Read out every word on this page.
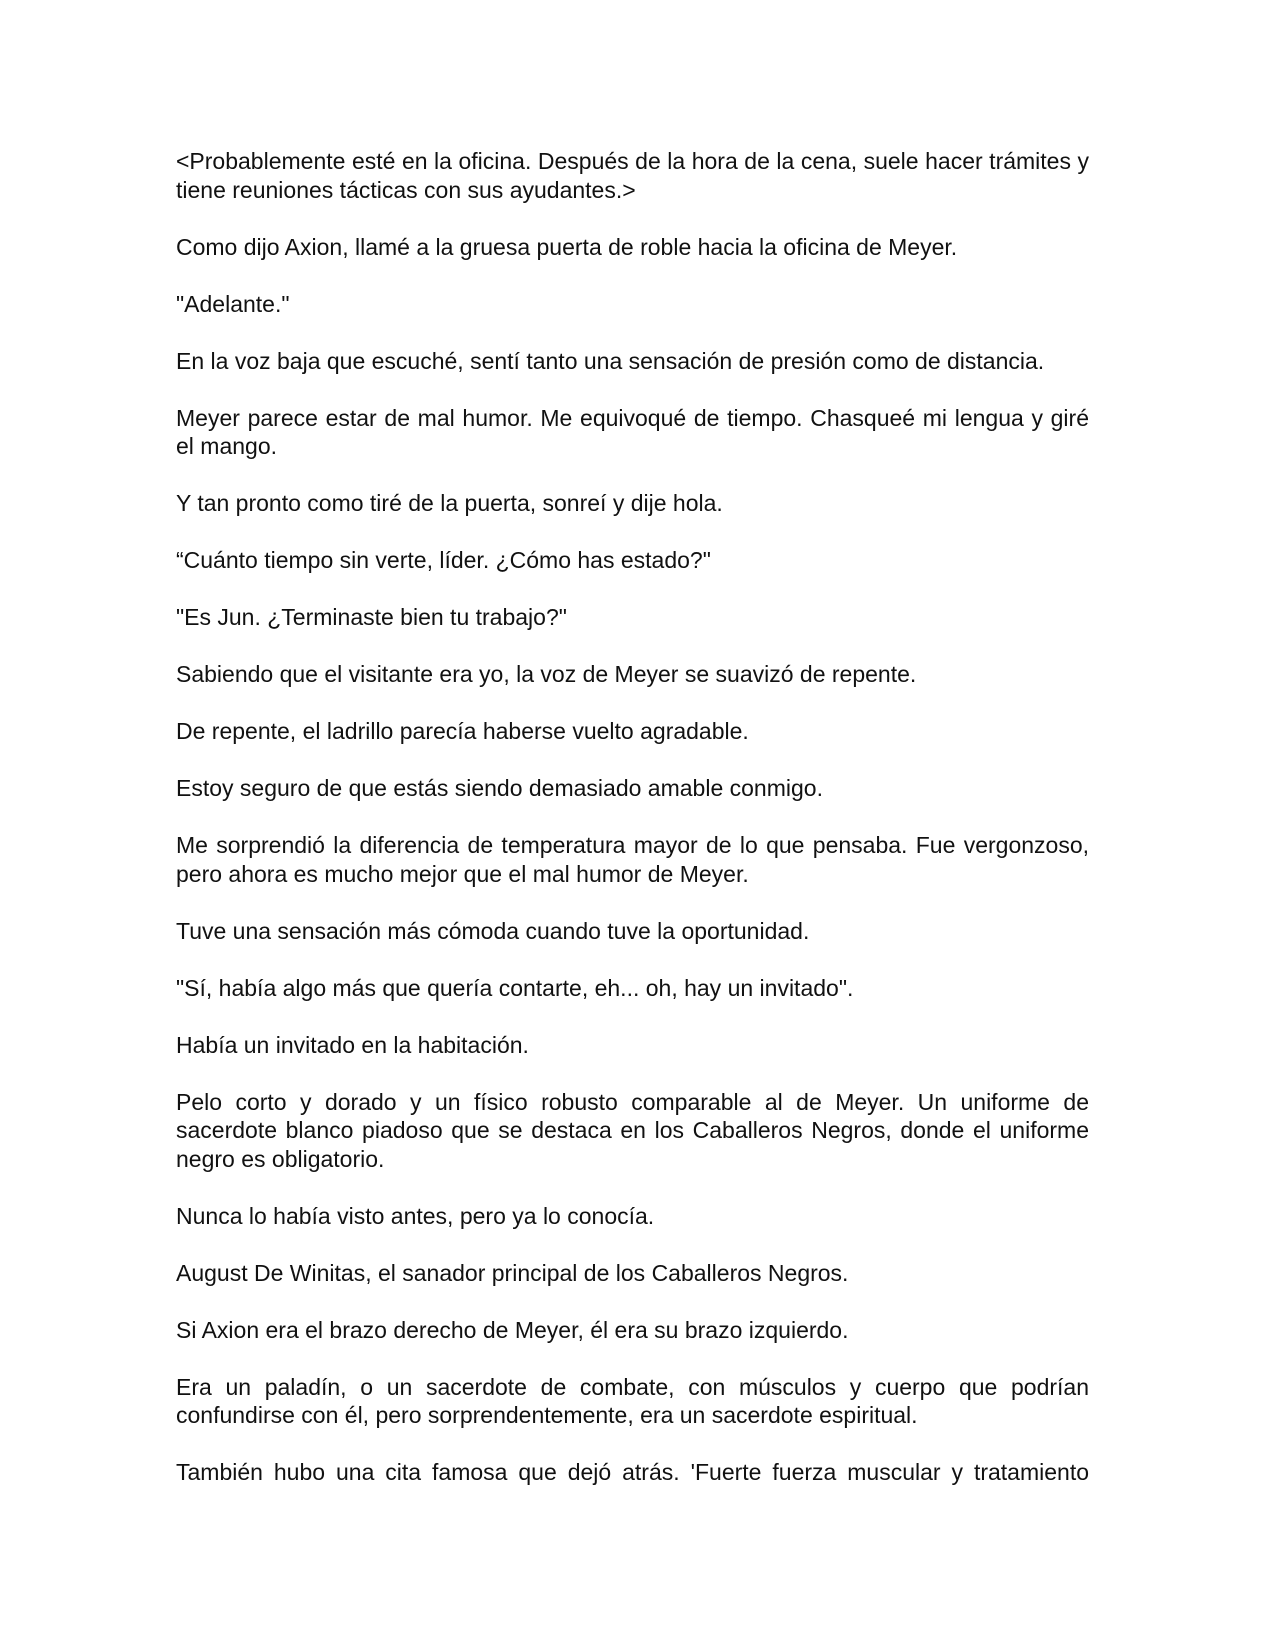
<Probablemente esté en la oficina. Después de la hora de la cena, suele hacer trámites y tiene reuniones tácticas con sus ayudantes.>

Como dijo Axion, llamé a la gruesa puerta de roble hacia la oficina de Meyer.

"Adelante."

En la voz baja que escuché, sentí tanto una sensación de presión como de distancia.

Meyer parece estar de mal humor. Me equivoqué de tiempo. Chasqueé mi lengua y giré el mango.

Y tan pronto como tiré de la puerta, sonreí y dije hola.

“Cuánto tiempo sin verte, líder. ¿Cómo has estado?"

"Es Jun. ¿Terminaste bien tu trabajo?"

Sabiendo que el visitante era yo, la voz de Meyer se suavizó de repente.

De repente, el ladrillo parecía haberse vuelto agradable.

Estoy seguro de que estás siendo demasiado amable conmigo.

Me sorprendió la diferencia de temperatura mayor de lo que pensaba. Fue vergonzoso, pero ahora es mucho mejor que el mal humor de Meyer.

Tuve una sensación más cómoda cuando tuve la oportunidad.

"Sí, había algo más que quería contarte, eh... oh, hay un invitado".

Había un invitado en la habitación.

Pelo corto y dorado y un físico robusto comparable al de Meyer. Un uniforme de sacerdote blanco piadoso que se destaca en los Caballeros Negros, donde el uniforme negro es obligatorio.

Nunca lo había visto antes, pero ya lo conocía.

August De Winitas, el sanador principal de los Caballeros Negros.

Si Axion era el brazo derecho de Meyer, él era su brazo izquierdo.

Era un paladín, o un sacerdote de combate, con músculos y cuerpo que podrían confundirse con él, pero sorprendentemente, era un sacerdote espiritual.

También hubo una cita famosa que dejó atrás. 'Fuerte fuerza muscular y tratamiento
